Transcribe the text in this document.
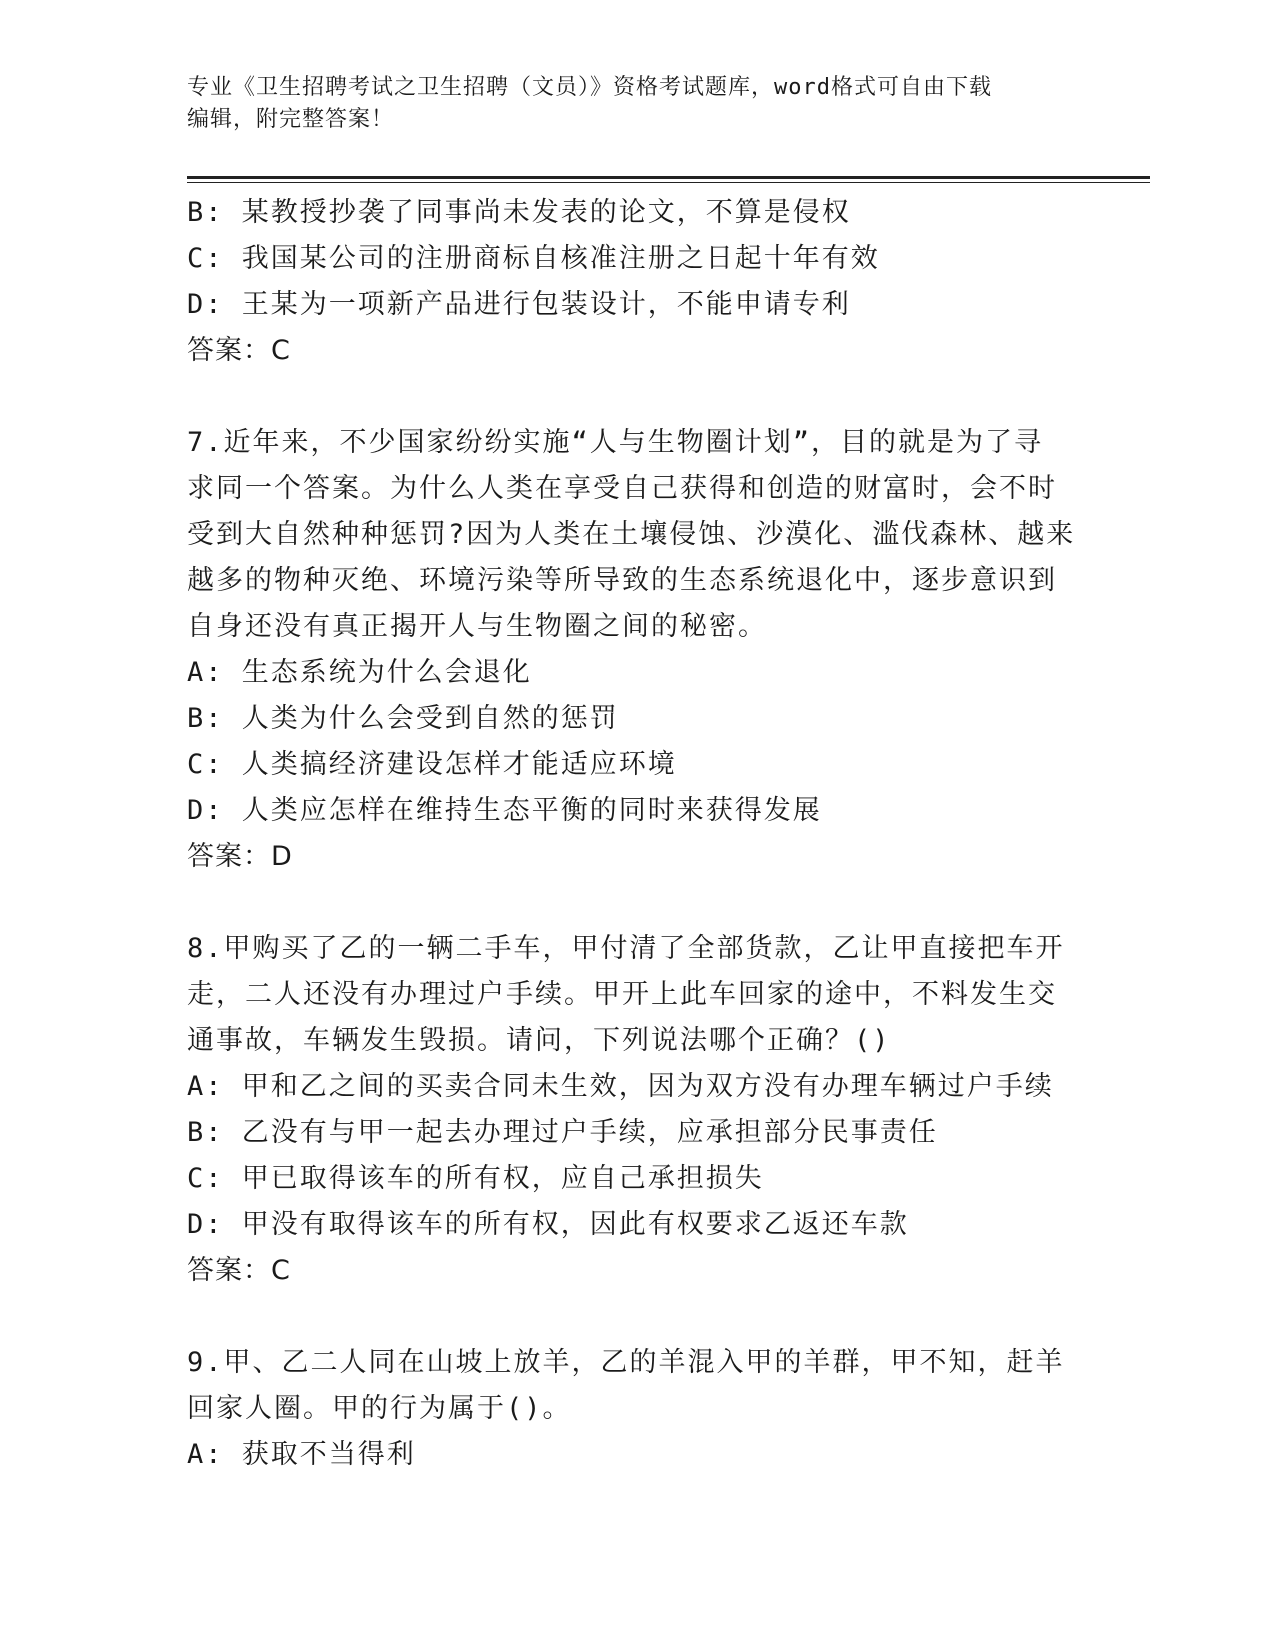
专业《卫生招聘考试之卫生招聘（文员）》资格考试题库，word格式可自由下载
编辑，附完整答案！
B: 某教授抄袭了同事尚未发表的论文，不算是侵权
C: 我国某公司的注册商标自核准注册之日起十年有效
D: 王某为一项新产品进行包装设计，不能申请专利
答案：C
7.近年来，不少国家纷纷实施“人与生物圈计划”，目的就是为了寻
求同一个答案。为什么人类在享受自己获得和创造的财富时，会不时
受到大自然种种惩罚?因为人类在土壤侵蚀、沙漠化、滥伐森林、越来
越多的物种灭绝、环境污染等所导致的生态系统退化中，逐步意识到
自身还没有真正揭开人与生物圈之间的秘密。
A: 生态系统为什么会退化
B: 人类为什么会受到自然的惩罚
C: 人类搞经济建设怎样才能适应环境
D: 人类应怎样在维持生态平衡的同时来获得发展
答案：D
8.甲购买了乙的一辆二手车，甲付清了全部货款，乙让甲直接把车开
走，二人还没有办理过户手续。甲开上此车回家的途中，不料发生交
通事故，车辆发生毁损。请问，下列说法哪个正确？()
A: 甲和乙之间的买卖合同未生效，因为双方没有办理车辆过户手续
B: 乙没有与甲一起去办理过户手续，应承担部分民事责任
C: 甲已取得该车的所有权，应自己承担损失
D: 甲没有取得该车的所有权，因此有权要求乙返还车款
答案：C
9.甲、乙二人同在山坡上放羊，乙的羊混入甲的羊群，甲不知，赶羊
回家人圈。甲的行为属于()。
A: 获取不当得利
